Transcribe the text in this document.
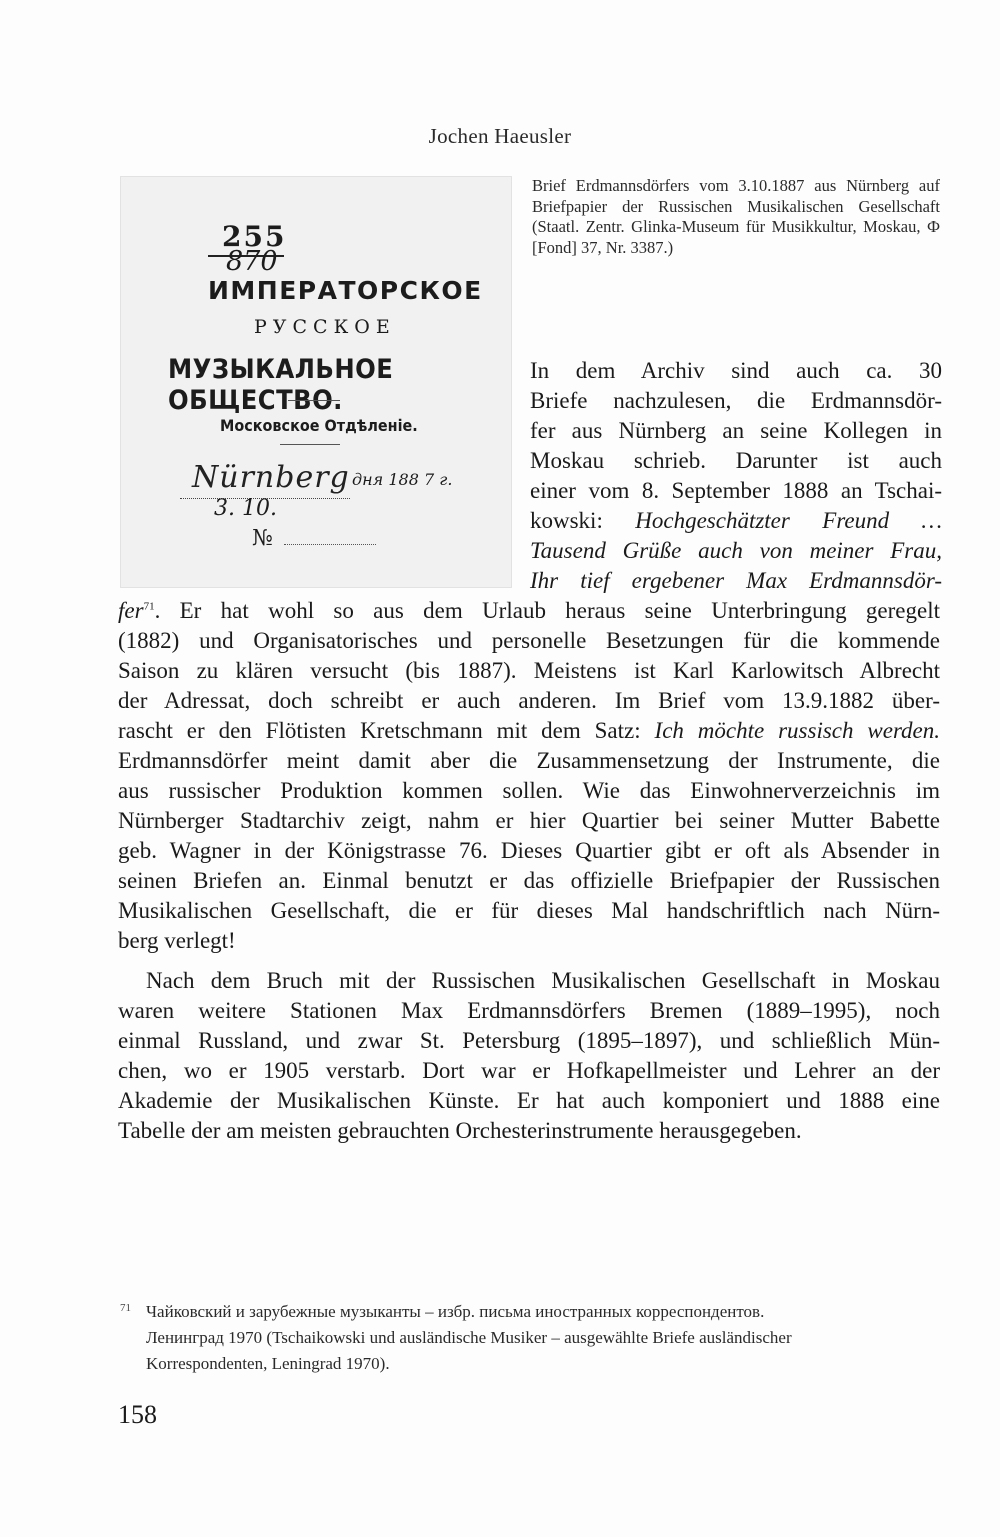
Jochen Haeusler
255
870
ИМПЕРАТОРСКОЕ
РУССКОЕ
МУЗЫКАЛЬНОЕ ОБЩЕСТВО.
Московское Отдѣленіе.
Nürnberg дня 188 7 г.
3. 10.
№
Brief Erdmannsdörfers vom 3.10.1887 aus Nürnberg auf Briefpapier der Russischen Musikalischen Gesellschaft (Staatl. Zentr. Glinka-Museum für Musikkultur, Moskau, Ф [Fond] 37, Nr. 3387.)
In dem Archiv sind auch ca. 30
Briefe nachzulesen, die Erdmannsdör-
fer aus Nürnberg an seine Kollegen in
Moskau schrieb. Darunter ist auch
einer vom 8. September 1888 an Tschai-
kowski: Hochgeschätzter Freund …
Tausend Grüße auch von meiner Frau,
Ihr tief ergebener Max Erdmannsdör-
fer$^{71}$. Er hat wohl so aus dem Urlaub heraus seine Unterbringung geregelt
(1882) und Organisatorisches und personelle Besetzungen für die kommende
Saison zu klären versucht (bis 1887). Meistens ist Karl Karlowitsch Albrecht
der Adressat, doch schreibt er auch anderen. Im Brief vom 13.9.1882 über-
rascht er den Flötisten Kretschmann mit dem Satz: Ich möchte russisch werden.
Erdmannsdörfer meint damit aber die Zusammensetzung der Instrumente, die
aus russischer Produktion kommen sollen. Wie das Einwohnerverzeichnis im
Nürnberger Stadtarchiv zeigt, nahm er hier Quartier bei seiner Mutter Babette
geb. Wagner in der Königstrasse 76. Dieses Quartier gibt er oft als Absender in
seinen Briefen an. Einmal benutzt er das offizielle Briefpapier der Russischen
Musikalischen Gesellschaft, die er für dieses Mal handschriftlich nach Nürn-
berg verlegt!
Nach dem Bruch mit der Russischen Musikalischen Gesellschaft in Moskau
waren weitere Stationen Max Erdmannsdörfers Bremen (1889–1995), noch
einmal Russland, und zwar St. Petersburg (1895–1897), und schließlich Mün-
chen, wo er 1905 verstarb. Dort war er Hofkapellmeister und Lehrer an der
Akademie der Musikalischen Künste. Er hat auch komponiert und 1888 eine
Tabelle der am meisten gebrauchten Orchesterinstrumente herausgegeben.
71 Чайковский и зарубежные музыканты – избр. письма иностранных корреспондентов.
Ленинград 1970 (Tschaikowski und ausländische Musiker – ausgewählte Briefe ausländischer
Korrespondenten, Leningrad 1970).
158
